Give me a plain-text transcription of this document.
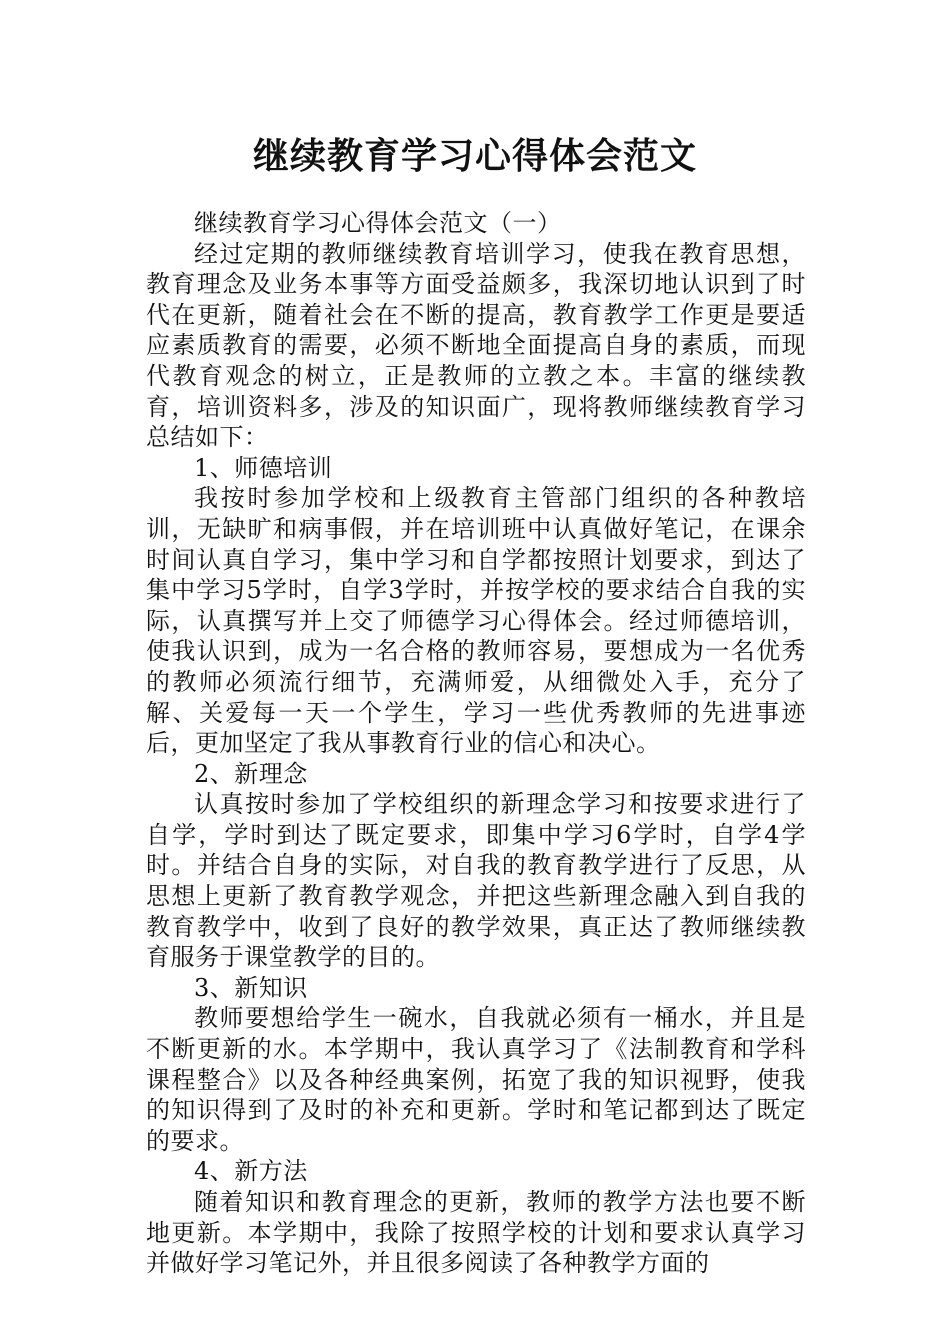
继续教育学习心得体会范文

继续教育学习心得体会范文（一）

经过定期的教师继续教育培训学习，使我在教育思想，教育理念及业务本事等方面受益颇多，我深切地认识到了时代在更新，随着社会在不断的提高，教育教学工作更是要适应素质教育的需要，必须不断地全面提高自身的素质，而现代教育观念的树立，正是教师的立教之本。丰富的继续教育，培训资料多，涉及的知识面广，现将教师继续教育学习总结如下：

1、师德培训

我按时参加学校和上级教育主管部门组织的各种教培训，无缺旷和病事假，并在培训班中认真做好笔记，在课余时间认真自学习，集中学习和自学都按照计划要求，到达了集中学习5学时，自学3学时，并按学校的要求结合自我的实际，认真撰写并上交了师德学习心得体会。经过师德培训，使我认识到，成为一名合格的教师容易，要想成为一名优秀的教师必须流行细节，充满师爱，从细微处入手，充分了解、关爱每一天一个学生，学习一些优秀教师的先进事迹后，更加坚定了我从事教育行业的信心和决心。

2、新理念

认真按时参加了学校组织的新理念学习和按要求进行了自学，学时到达了既定要求，即集中学习6学时，自学4学时。并结合自身的实际，对自我的教育教学进行了反思，从思想上更新了教育教学观念，并把这些新理念融入到自我的教育教学中，收到了良好的教学效果，真正达了教师继续教育服务于课堂教学的目的。

3、新知识

教师要想给学生一碗水，自我就必须有一桶水，并且是不断更新的水。本学期中，我认真学习了《法制教育和学科课程整合》以及各种经典案例，拓宽了我的知识视野，使我的知识得到了及时的补充和更新。学时和笔记都到达了既定的要求。

4、新方法

随着知识和教育理念的更新，教师的教学方法也要不断地更新。本学期中，我除了按照学校的计划和要求认真学习并做好学习笔记外，并且很多阅读了各种教学方面的
